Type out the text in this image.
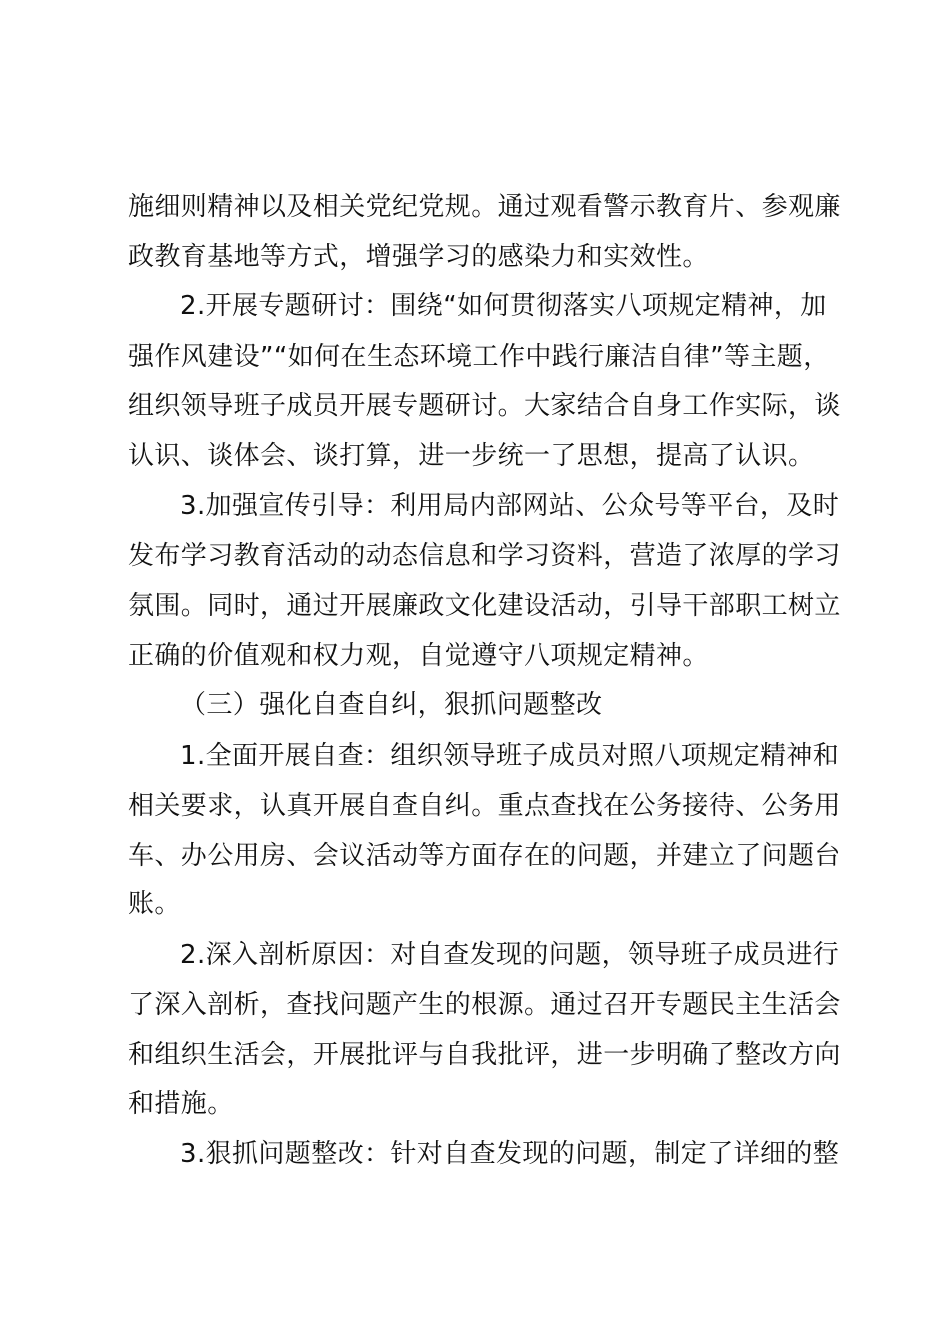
施细则精神以及相关党纪党规。通过观看警示教育片、参观廉
政教育基地等方式，增强学习的感染力和实效性。
2.开展专题研讨：围绕“如何贯彻落实八项规定精神，加
强作风建设”“如何在生态环境工作中践行廉洁自律”等主题，
组织领导班子成员开展专题研讨。大家结合自身工作实际，谈
认识、谈体会、谈打算，进一步统一了思想，提高了认识。
3.加强宣传引导：利用局内部网站、公众号等平台，及时
发布学习教育活动的动态信息和学习资料，营造了浓厚的学习
氛围。同时，通过开展廉政文化建设活动，引导干部职工树立
正确的价值观和权力观，自觉遵守八项规定精神。
（三）强化自查自纠，狠抓问题整改
1.全面开展自查：组织领导班子成员对照八项规定精神和
相关要求，认真开展自查自纠。重点查找在公务接待、公务用
车、办公用房、会议活动等方面存在的问题，并建立了问题台
账。
2.深入剖析原因：对自查发现的问题，领导班子成员进行
了深入剖析，查找问题产生的根源。通过召开专题民主生活会
和组织生活会，开展批评与自我批评，进一步明确了整改方向
和措施。
3.狠抓问题整改：针对自查发现的问题，制定了详细的整
